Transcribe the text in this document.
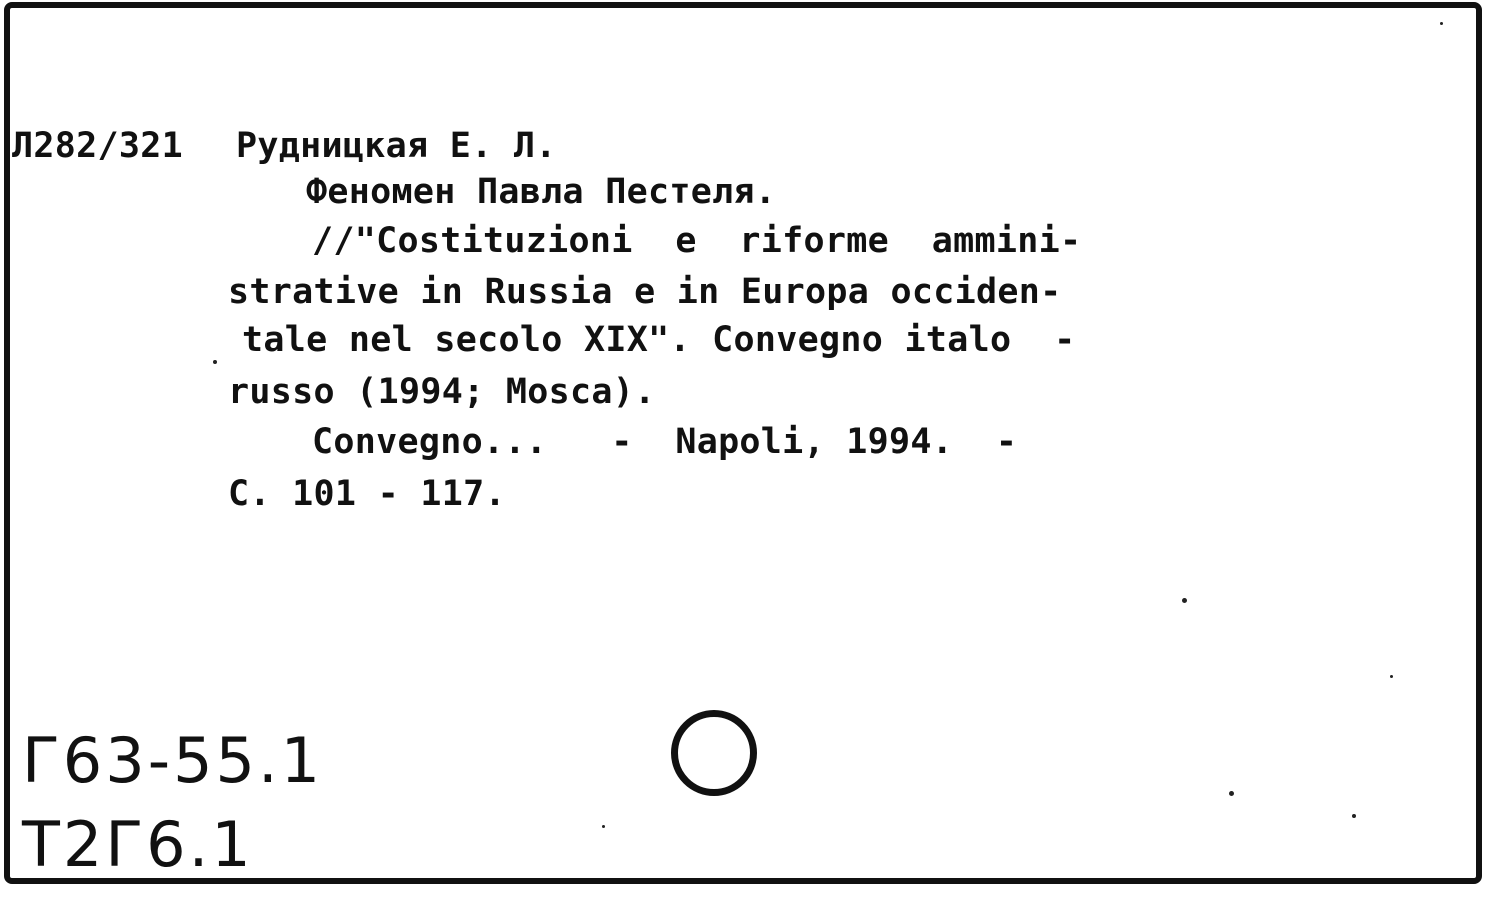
Л282/321 Рудницкая Е. Л.

Феномен Павла Пестеля.

//"Costituzioni  e  riforme  ammini-

strative in Russia e in Europa occiden-

tale nel secolo XIX". Convegno italo  -

russo (1994; Mosca).

Convegno...   -  Napoli, 1994.  -

С. 101 - 117.

Г63-55.1

Т2Г6.1
